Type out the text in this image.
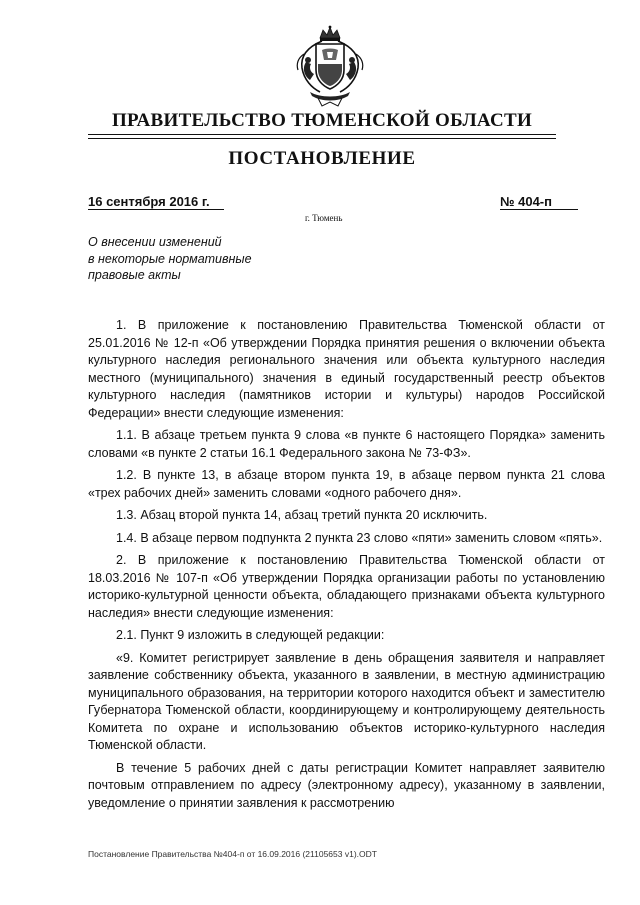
ПРАВИТЕЛЬСТВО ТЮМЕНСКОЙ ОБЛАСТИ
ПОСТАНОВЛЕНИЕ
16 сентября 2016 г.	№ 404-п
г. Тюмень
О внесении изменений
в некоторые нормативные
правовые акты

1. В приложение к постановлению Правительства Тюменской области от 25.01.2016 № 12-п «Об утверждении Порядка принятия решения о включении объекта культурного наследия регионального значения или объекта культурного наследия местного (муниципального) значения в единый государственный реестр объектов культурного наследия (памятников истории и культуры) народов Российской Федерации» внести следующие изменения:

1.1. В абзаце третьем пункта 9 слова «в пункте 6 настоящего Порядка» заменить словами «в пункте 2 статьи 16.1 Федерального закона № 73-ФЗ».

1.2. В пункте 13, в абзаце втором пункта 19, в абзаце первом пункта 21 слова «трех рабочих дней» заменить словами «одного рабочего дня».

1.3. Абзац второй пункта 14, абзац третий пункта 20 исключить.

1.4. В абзаце первом подпункта 2 пункта 23 слово «пяти» заменить словом «пять».

2. В приложение к постановлению Правительства Тюменской области от 18.03.2016 № 107-п «Об утверждении Порядка организации работы по установлению историко-культурной ценности объекта, обладающего признаками объекта культурного наследия» внести следующие изменения:

2.1. Пункт 9 изложить в следующей редакции:

«9. Комитет регистрирует заявление в день обращения заявителя и направляет заявление собственнику объекта, указанного в заявлении, в местную администрацию муниципального образования, на территории которого находится объект и заместителю Губернатора Тюменской области, координирующему и контролирующему деятельность Комитета по охране и использованию объектов историко-культурного наследия Тюменской области.

В течение 5 рабочих дней с даты регистрации Комитет направляет заявителю почтовым отправлением по адресу (электронному адресу), указанному в заявлении, уведомление о принятии заявления к рассмотрению

Постановление Правительства №404-п от 16.09.2016 (21105653 v1).ODT
